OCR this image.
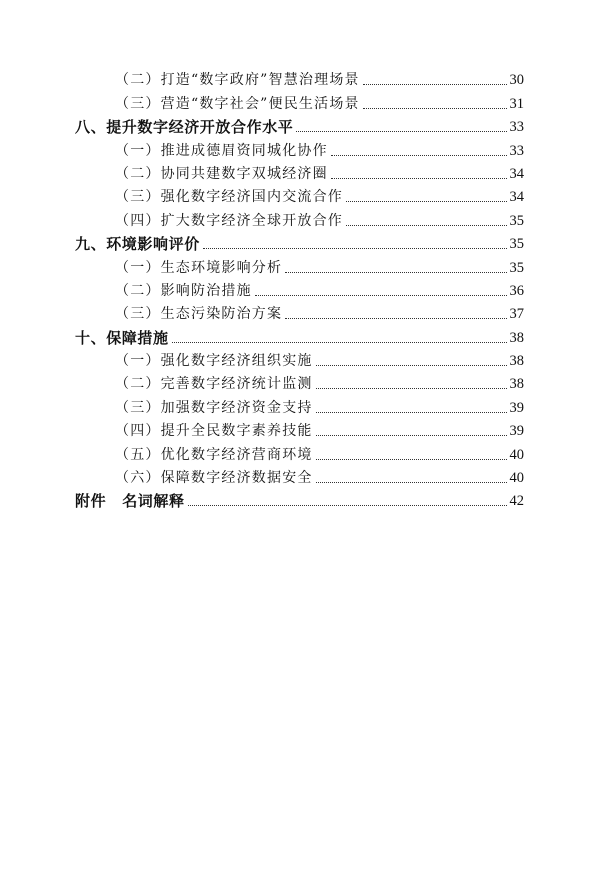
（二）打造“数字政府”智慧治理场景	30
（三）营造“数字社会”便民生活场景	31
八、提升数字经济开放合作水平	33
（一）推进成德眉资同城化协作	33
（二）协同共建数字双城经济圈	34
（三）强化数字经济国内交流合作	34
（四）扩大数字经济全球开放合作	35
九、环境影响评价	35
（一）生态环境影响分析	35
（二）影响防治措施	36
（三）生态污染防治方案	37
十、保障措施	38
（一）强化数字经济组织实施	38
（二）完善数字经济统计监测	38
（三）加强数字经济资金支持	39
（四）提升全民数字素养技能	39
（五）优化数字经济营商环境	40
（六）保障数字经济数据安全	40
附件 名词解释	42
